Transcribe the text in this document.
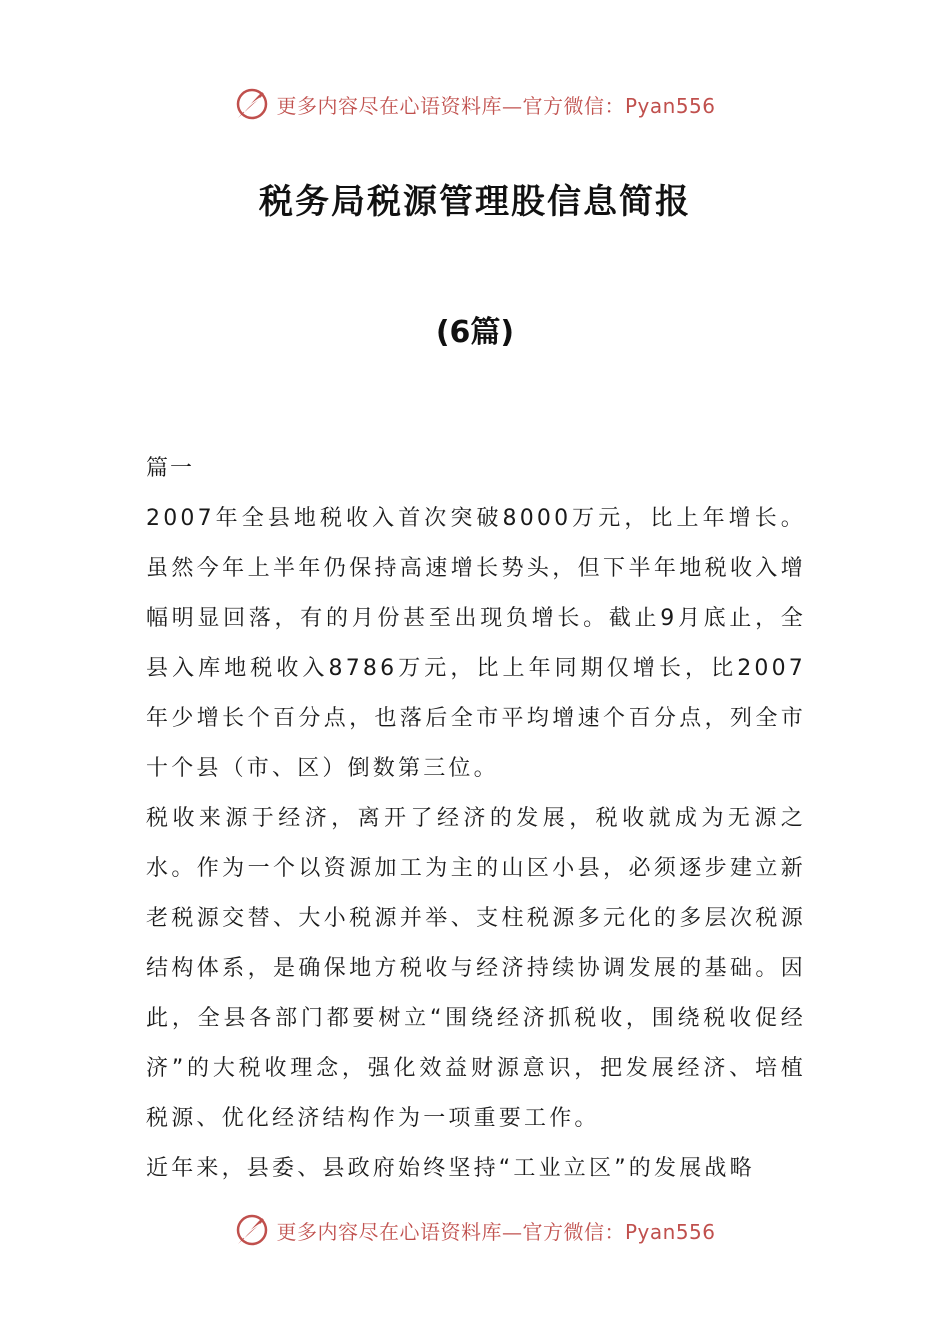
更多内容尽在心语资料库—官方微信：Pyan556
税务局税源管理股信息简报
(6篇)

篇一

2007年全县地税收入首次突破8000万元，比上年增长。虽然今年上半年仍保持高速增长势头，但下半年地税收入增幅明显回落，有的月份甚至出现负增长。截止9月底止，全县入库地税收入8786万元，比上年同期仅增长，比2007年少增长个百分点，也落后全市平均增速个百分点，列全市十个县（市、区）倒数第三位。

税收来源于经济，离开了经济的发展，税收就成为无源之水。作为一个以资源加工为主的山区小县，必须逐步建立新老税源交替、大小税源并举、支柱税源多元化的多层次税源结构体系，是确保地方税收与经济持续协调发展的基础。因此，全县各部门都要树立“围绕经济抓税收，围绕税收促经济”的大税收理念，强化效益财源意识，把发展经济、培植税源、优化经济结构作为一项重要工作。

近年来，县委、县政府始终坚持“工业立区”的发展战略

更多内容尽在心语资料库—官方微信：Pyan556
